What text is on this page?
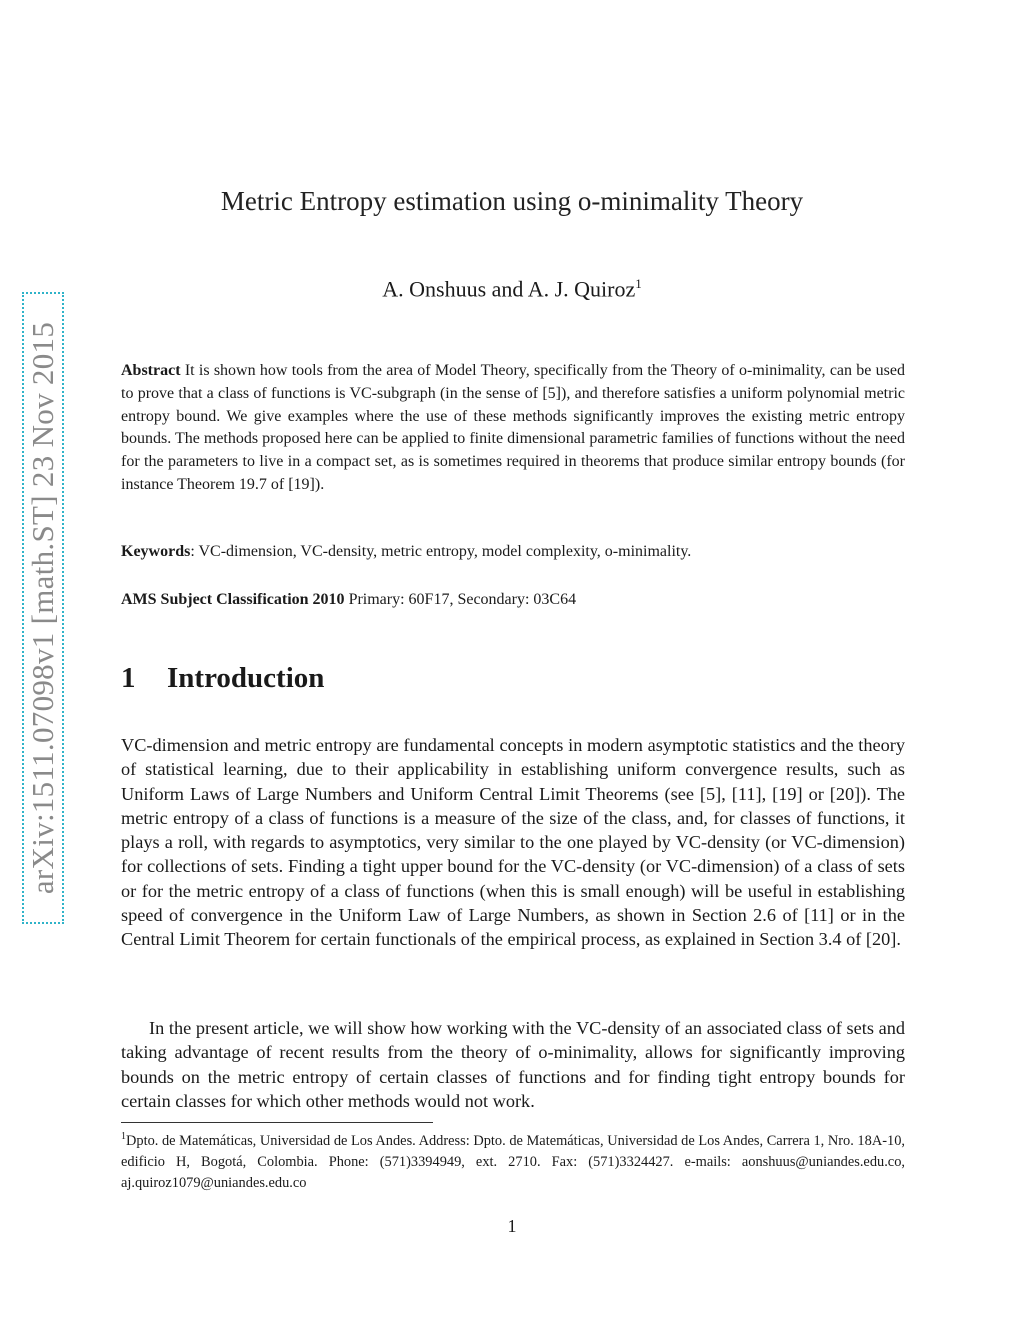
arXiv:1511.07098v1 [math.ST] 23 Nov 2015
Metric Entropy estimation using o-minimality Theory
A. Onshuus and A. J. Quiroz$^1$
Abstract It is shown how tools from the area of Model Theory, specifically from the Theory of o-minimality, can be used to prove that a class of functions is VC-subgraph (in the sense of [5]), and therefore satisfies a uniform polynomial metric entropy bound. We give examples where the use of these methods significantly improves the existing metric entropy bounds. The methods proposed here can be applied to finite dimensional parametric families of functions without the need for the parameters to live in a compact set, as is sometimes required in theorems that produce similar entropy bounds (for instance Theorem 19.7 of [19]).
Keywords: VC-dimension, VC-density, metric entropy, model complexity, o-minimality.
AMS Subject Classification 2010 Primary: 60F17, Secondary: 03C64
1 Introduction
VC-dimension and metric entropy are fundamental concepts in modern asymptotic statistics and the theory of statistical learning, due to their applicability in establishing uniform convergence results, such as Uniform Laws of Large Numbers and Uniform Central Limit Theorems (see [5], [11], [19] or [20]). The metric entropy of a class of functions is a measure of the size of the class, and, for classes of functions, it plays a roll, with regards to asymptotics, very similar to the one played by VC-density (or VC-dimension) for collections of sets. Finding a tight upper bound for the VC-density (or VC-dimension) of a class of sets or for the metric entropy of a class of functions (when this is small enough) will be useful in establishing speed of convergence in the Uniform Law of Large Numbers, as shown in Section 2.6 of [11] or in the Central Limit Theorem for certain functionals of the empirical process, as explained in Section 3.4 of [20].
In the present article, we will show how working with the VC-density of an associated class of sets and taking advantage of recent results from the theory of o-minimality, allows for significantly improving bounds on the metric entropy of certain classes of functions and for finding tight entropy bounds for certain classes for which other methods would not work.
$^1$Dpto. de Matemáticas, Universidad de Los Andes. Address: Dpto. de Matemáticas, Universidad de Los Andes, Carrera 1, Nro. 18A-10, edificio H, Bogotá, Colombia. Phone: (571)3394949, ext. 2710. Fax: (571)3324427. e-mails: aonshuus@uniandes.edu.co, aj.quiroz1079@uniandes.edu.co
1
